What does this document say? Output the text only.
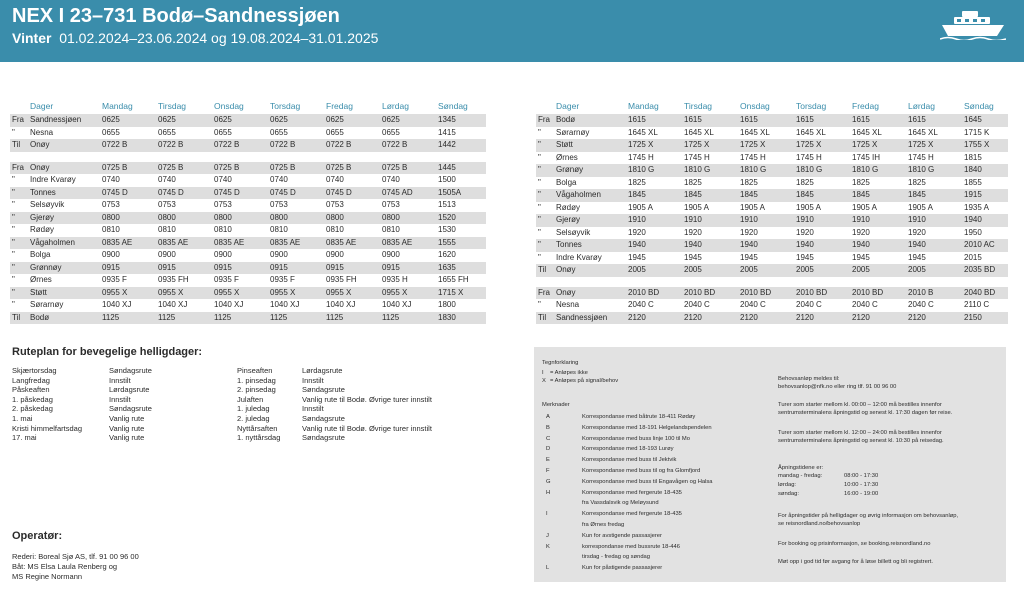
NEX I 23–731 Bodø–Sandnessjøen
Vinter 01.02.2024–23.06.2024 og 19.08.2024–31.01.2025
Dager	Mandag	Tirsdag	Onsdag	Torsdag	Fredag	Lørdag	Søndag
Fra Sandnessjøen	0625	0625	0625	0625	0625	0625	1345
" Nesna	0655	0655	0655	0655	0655	0655	1415
Til Onøy	0722 B	0722 B	0722 B	0722 B	0722 B	0722 B	1442
Fra Onøy	0725 B	0725 B	0725 B	0725 B	0725 B	0725 B	1445
" Indre Kvarøy	0740	0740	0740	0740	0740	0740	1500
" Tonnes	0745 D	0745 D	0745 D	0745 D	0745 D	0745 AD	1505A
" Selsøyvik	0753	0753	0753	0753	0753	0753	1513
" Gjerøy	0800	0800	0800	0800	0800	0800	1520
" Rødøy	0810	0810	0810	0810	0810	0810	1530
" Vågaholmen	0835 AE	0835 AE	0835 AE	0835 AE	0835 AE	0835 AE	1555
" Bolga	0900	0900	0900	0900	0900	0900	1620
" Grønnøy	0915	0915	0915	0915	0915	0915	1635
" Ørnes	0935 F	0935 FH	0935 F	0935 F	0935 FH	0935 H	1655 FH
" Støtt	0955 X	0955 X	0955 X	0955 X	0955 X	0955 X	1715 X
" Sørarnøy	1040 XJ	1040 XJ	1040 XJ	1040 XJ	1040 XJ	1040 XJ	1800
Til Bodø	1125	1125	1125	1125	1125	1125	1830
Dager	Mandag	Tirsdag	Onsdag	Torsdag	Fredag	Lørdag	Søndag
Fra Bodø	1615	1615	1615	1615	1615	1615	1645
" Sørarnøy	1645 XL	1645 XL	1645 XL	1645 XL	1645 XL	1645 XL	1715 K
" Støtt	1725 X	1725 X	1725 X	1725 X	1725 X	1725 X	1755 X
" Ørnes	1745 H	1745 H	1745 H	1745 H	1745 IH	1745 H	1815
" Grønøy	1810 G	1810 G	1810 G	1810 G	1810 G	1810 G	1840
" Bolga	1825	1825	1825	1825	1825	1825	1855
" Vågaholmen	1845	1845	1845	1845	1845	1845	1915
" Rødøy	1905 A	1905 A	1905 A	1905 A	1905 A	1905 A	1935 A
" Gjerøy	1910	1910	1910	1910	1910	1910	1940
" Selsøyvik	1920	1920	1920	1920	1920	1920	1950
" Tonnes	1940	1940	1940	1940	1940	1940	2010 AC
" Indre Kvarøy	1945	1945	1945	1945	1945	1945	2015
Til Onøy	2005	2005	2005	2005	2005	2005	2035 BD
Fra Onøy	2010 BD	2010 BD	2010 BD	2010 BD	2010 BD	2010 B	2040 BD
" Nesna	2040 C	2040 C	2040 C	2040 C	2040 C	2040 C	2110 C
Til Sandnessjøen	2120	2120	2120	2120	2120	2120	2150
Ruteplan for bevegelige helligdager:
Skjærtorsdag	Søndagsrute
Langfredag	Innstilt
Påskeaften	Lørdagsrute
1. påskedag	Innstilt
2. påskedag	Søndagsrute
1. mai	Vanlig rute
Kristi himmelfartsdag	Vanlig rute
17. mai	Vanlig rute
Pinseaften	Lørdagsrute
1. pinsedag	Innstilt
2. pinsedag	Søndagsrute
Julaften	Vanlig rute til Bodø. Øvrige turer innstilt
1. juledag	Innstilt
2. juledag	Søndagsrute
Nyttårsaften	Vanlig rute til Bodø. Øvrige turer innstilt
1. nyttårsdag	Søndagsrute
Operatør:
Rederi: Boreal Sjø AS, tlf. 91 00 96 00
Båt: MS Elsa Laula Renberg og
MS Regine Normann
Tegnforklaring
I = Anløpes ikke
X = Anløpes på signal/behov
Merknader
A	Korrespondanse med båtrute 18-411 Rødøy
B	Korrespondanse med 18-191 Helgelandspendelen
C	Korrespondanse med buss linje 100 til Mo
D	Korrespondanse med 18-193 Lurøy
E	Korrespondanse med buss til Jektvik
F	Korrespondanse med buss til og fra Glomfjord
G	Korrespondanse med buss til Engavågen og Halsa
H	Korrespondanse med fergerute 18-435
fra Vassdalsvik og Meløysund
I	Korrespondanse med fergerute 18-435
fra Ørnes fredag
J	Kun for avstigende passasjerer
K	korrespondanse med bussrute 18-446
tirsdag - fredag og søndag
L	Kun for påstigende passasjerer
Behovsanløp meldes til:
behovsanlop@nfk.no eller ring tlf. 91 00 96 00
Turer som starter mellom kl. 00:00 – 12:00 må bestilles innenfor
sentrumsterminalens åpningstid og senest kl. 17:30 dagen før reise.
Turer som starter mellom kl. 12:00 – 24:00 må bestilles innenfor
sentrumsterminalens åpningstid og senest kl. 10:30 på reisedag.
Åpningstidene er:
mandag - fredag:	08:00 - 17:30
lørdag:	10:00 - 17:30
søndag:	16:00 - 19:00
For åpningstider på helligdager og øvrig informasjon om behovsanløp,
se reisnordland.no/behovsanlop
For booking og prisinformasjon, se booking.reisnordland.no
Møt opp i god tid før avgang for å løse billett og bli registrert.
